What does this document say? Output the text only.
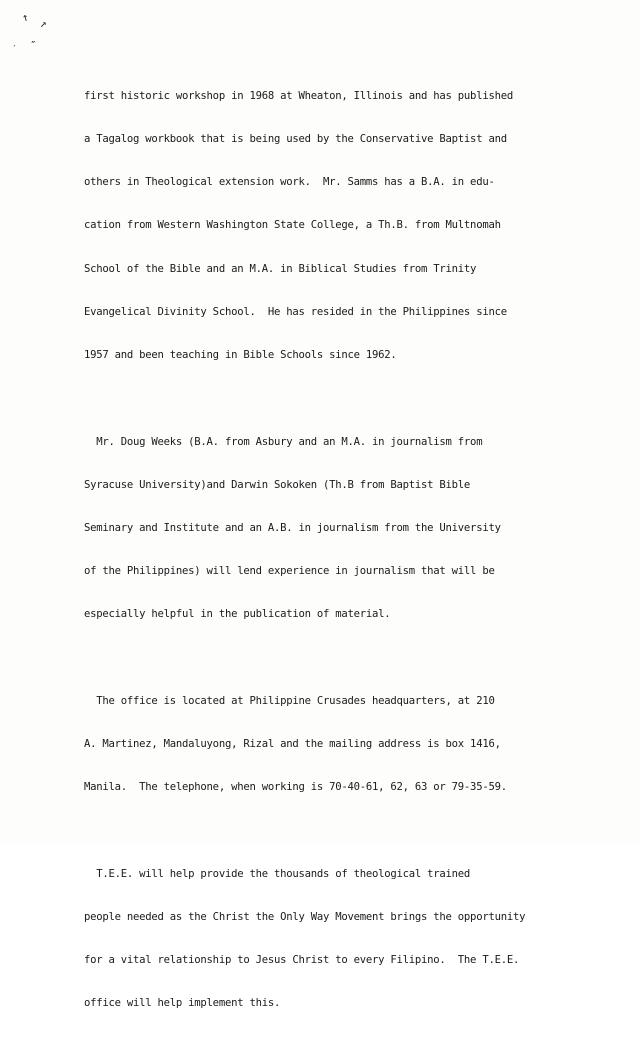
↑ ↗
ˏ ″

first historic workshop in 1968 at Wheaton, Illinois and has published

a Tagalog workbook that is being used by the Conservative Baptist and

others in Theological extension work.  Mr. Samms has a B.A. in edu-

cation from Western Washington State College, a Th.B. from Multnomah

School of the Bible and an M.A. in Biblical Studies from Trinity

Evangelical Divinity School.  He has resided in the Philippines since

1957 and been teaching in Bible Schools since 1962.

Mr. Doug Weeks (B.A. from Asbury and an M.A. in journalism from

Syracuse University)and Darwin Sokoken (Th.B from Baptist Bible

Seminary and Institute and an A.B. in journalism from the University

of the Philippines) will lend experience in journalism that will be

especially helpful in the publication of material.

The office is located at Philippine Crusades headquarters, at 210

A. Martinez, Mandaluyong, Rizal and the mailing address is box 1416,

Manila.  The telephone, when working is 70-40-61, 62, 63 or 79-35-59.

T.E.E. will help provide the thousands of theological trained

people needed as the Christ the Only Way Movement brings the opportunity

for a vital relationship to Jesus Christ to every Filipino.  The T.E.E.

office will help implement this.
